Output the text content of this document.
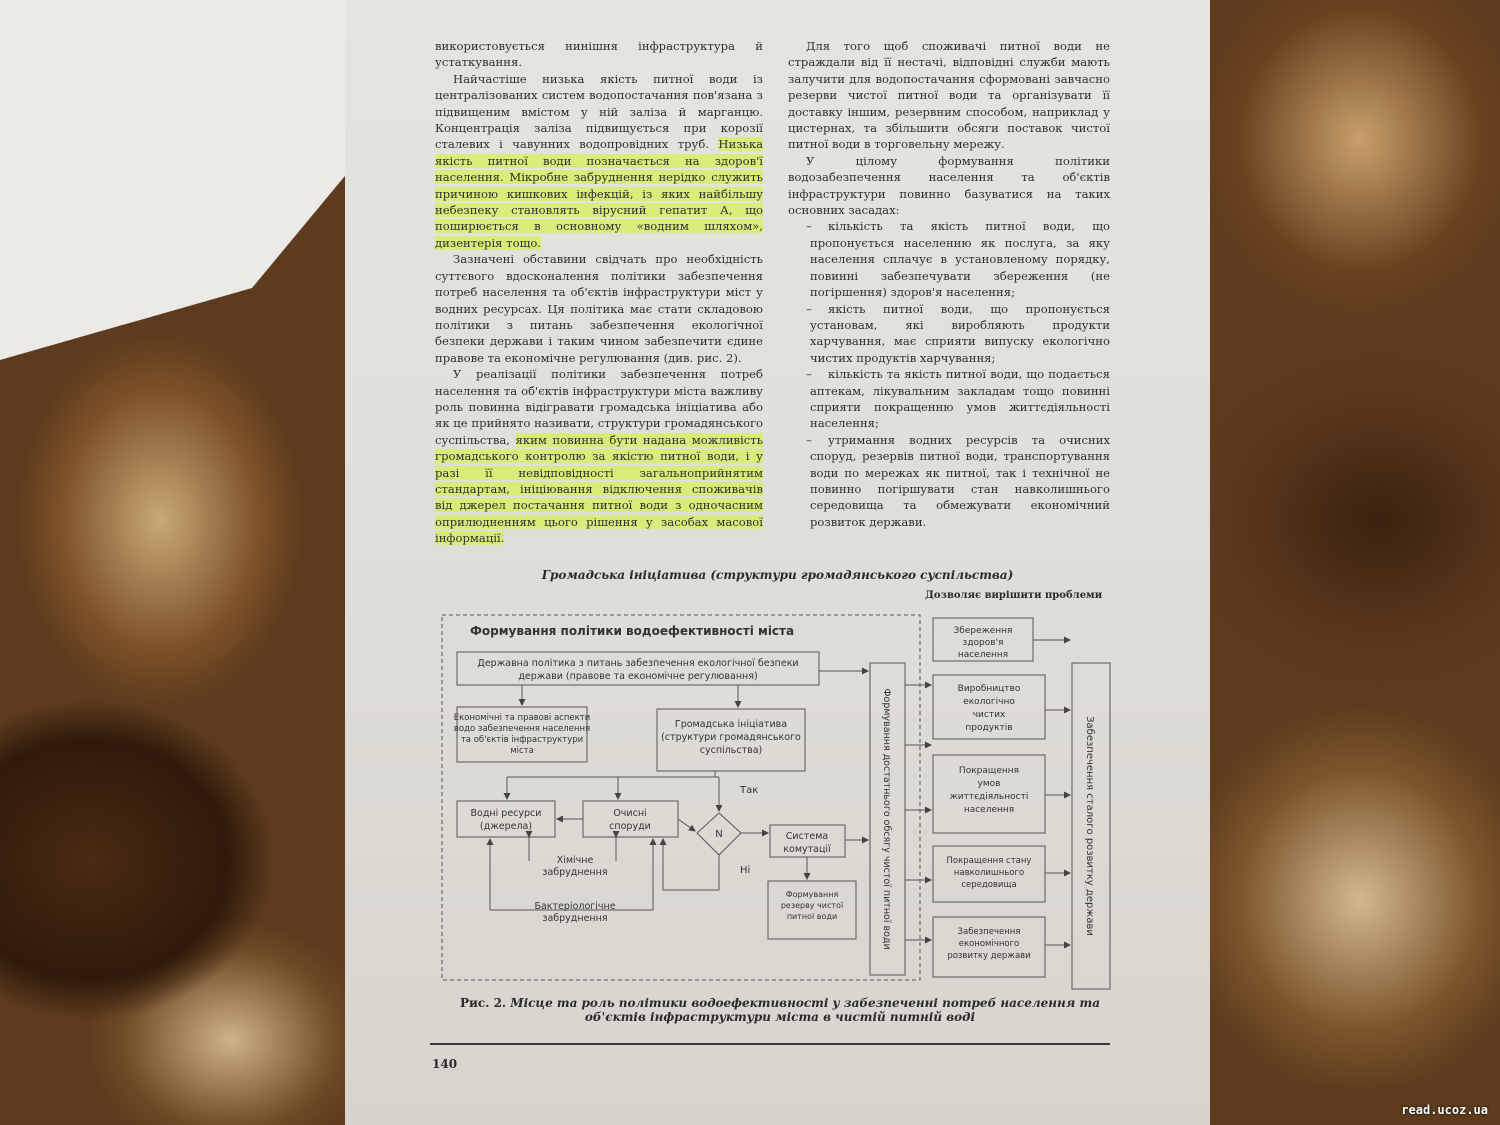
використовується нинішня інфраструктура й устаткування.

Найчастіше низька якість питної води із централізованих систем водопостачання пов'язана з підвищеним вмістом у ній заліза й марганцю. Концентрація заліза підвищується при корозії сталевих і чавунних водопровідних труб. Низька якість питної води позначається на здоров'ї населення. Мікробне забруднення нерідко служить причиною кишкових інфекцій, із яких найбільшу небезпеку становлять вірусний гепатит А, що поширюється в основному «водним шляхом», дизентерія тощо.

Зазначені обставини свідчать про необхідність суттєвого вдосконалення політики забезпечення потреб населення та об'єктів інфраструктури міст у водних ресурсах. Ця політика має стати складовою політики з питань забезпечення екологічної безпеки держави і таким чином забезпечити єдине правове та економічне регулювання (див. рис. 2).

У реалізації політики забезпечення потреб населення та об'єктів інфраструктури міста важливу роль повинна відігравати громадська ініціатива або як це прийнято називати, структури громадянського суспільства, яким повинна бути надана можливість громадського контролю за якістю питної води, і у разі її невідповідності загальноприйнятим стандартам, ініціювання відключення споживачів від джерел постачання питної води з одночасним оприлюдненням цього рішення у засобах масової інформації.

Для того щоб споживачі питної води не страждали від її нестачі, відповідні служби мають залучити для водопостачання сформовані завчасно резерви чистої питної води та організувати її доставку іншим, резервним способом, наприклад у цистернах, та збільшити обсяги поставок чистої питної води в торговельну мережу.

У цілому формування політики водозабезпечення населення та об'єктів інфраструктури повинно базуватися на таких основних засадах:

– кількість та якість питної води, що пропонується населенню як послуга, за яку населення сплачує в установленому порядку, повинні забезпечувати збереження (не погіршення) здоров'я населення;

– якість питної води, що пропонується установам, які виробляють продукти харчування, має сприяти випуску екологічно чистих продуктів харчування;

– кількість та якість питної води, що подається аптекам, лікувальним закладам тощо повинні сприяти покращенню умов життєдіяльності населення;

– утримання водних ресурсів та очисних споруд, резервів питної води, транспортування води по мережах як питної, так і технічної не повинно погіршувати стан навколишнього середовища та обмежувати економічний розвиток держави.

Громадська ініціатива (структури громадянського суспільства)
Дозволяє вирішити проблеми
Формування політики водоефективності міста
Державна політика з питань забезпечення екологічної безпеки
держави (правове та економічне регулювання)
Економічні та правові аспекти
водо забезпечення населення
та об'єктів інфраструктури
міста
Громадська ініціатива
(структури громадянського
суспільства)
Водні ресурси
(джерела)
Очисні
споруди
N
Так
Ні
Хімічне
забруднення
Бактеріологічне
забруднення
Система
комутації
Формування
резерву чистої
питної води	Формування достатнього обсягу чистої питної води	Забезпечення сталого розвитку держави
Збереження
здоров'я
населення
Виробництво
екологічно
чистих
продуктів
Покращення
умов
життєдіяльності
населення
Покращення стану
навколишнього
середовища
Забезпечення
економічного
розвитку держави
Рис. 2. Місце та роль політики водоефективності у забезпеченні потреб населення та об'єктів інфраструктури міста в чистій питній воді
140
read.ucoz.ua
